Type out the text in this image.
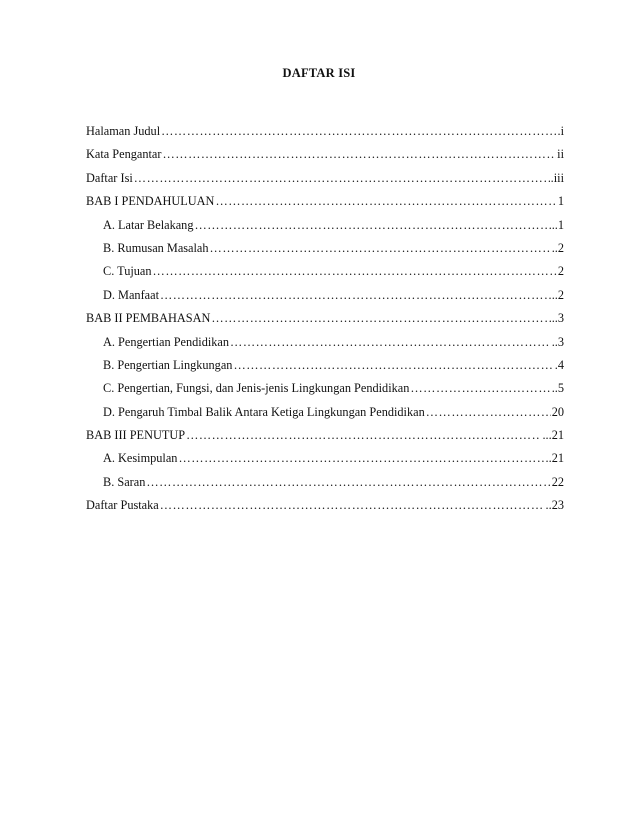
DAFTAR ISI
Halaman Judul ………………………………………………………………………………………………………………………………………………………………………………………………	.i
Kata Pengantar ………………………………………………………………………………………………………………………………………………………………………………………………	ii
Daftar Isi ………………………………………………………………………………………………………………………………………………………………………………………………	.iii
BAB I PENDAHULUAN ………………………………………………………………………………………………………………………………………………………………………………………………	1
A. Latar Belakang ………………………………………………………………………………………………………………………………………………………………………………………………	..1
B. Rumusan Masalah ………………………………………………………………………………………………………………………………………………………………………………………………	..2
C. Tujuan ………………………………………………………………………………………………………………………………………………………………………………………………	2
D. Manfaat ………………………………………………………………………………………………………………………………………………………………………………………………	..2
BAB II PEMBAHASAN ………………………………………………………………………………………………………………………………………………………………………………………………	..3
A. Pengertian Pendidikan ………………………………………………………………………………………………………………………………………………………………………………………………	..3
B. Pengertian Lingkungan ………………………………………………………………………………………………………………………………………………………………………………………………	.4
C. Pengertian, Fungsi, dan Jenis-jenis Lingkungan Pendidikan ………………………………………………………………………………………………………………………………………………………………………………………………	..5
D. Pengaruh Timbal Balik Antara Ketiga Lingkungan Pendidikan ………………………………………………………………………………………………………………………………………………………………………………………………	20
BAB III PENUTUP ………………………………………………………………………………………………………………………………………………………………………………………………	...21
A. Kesimpulan ………………………………………………………………………………………………………………………………………………………………………………………………	..21
B. Saran ………………………………………………………………………………………………………………………………………………………………………………………………	22
Daftar Pustaka ………………………………………………………………………………………………………………………………………………………………………………………………	..23
